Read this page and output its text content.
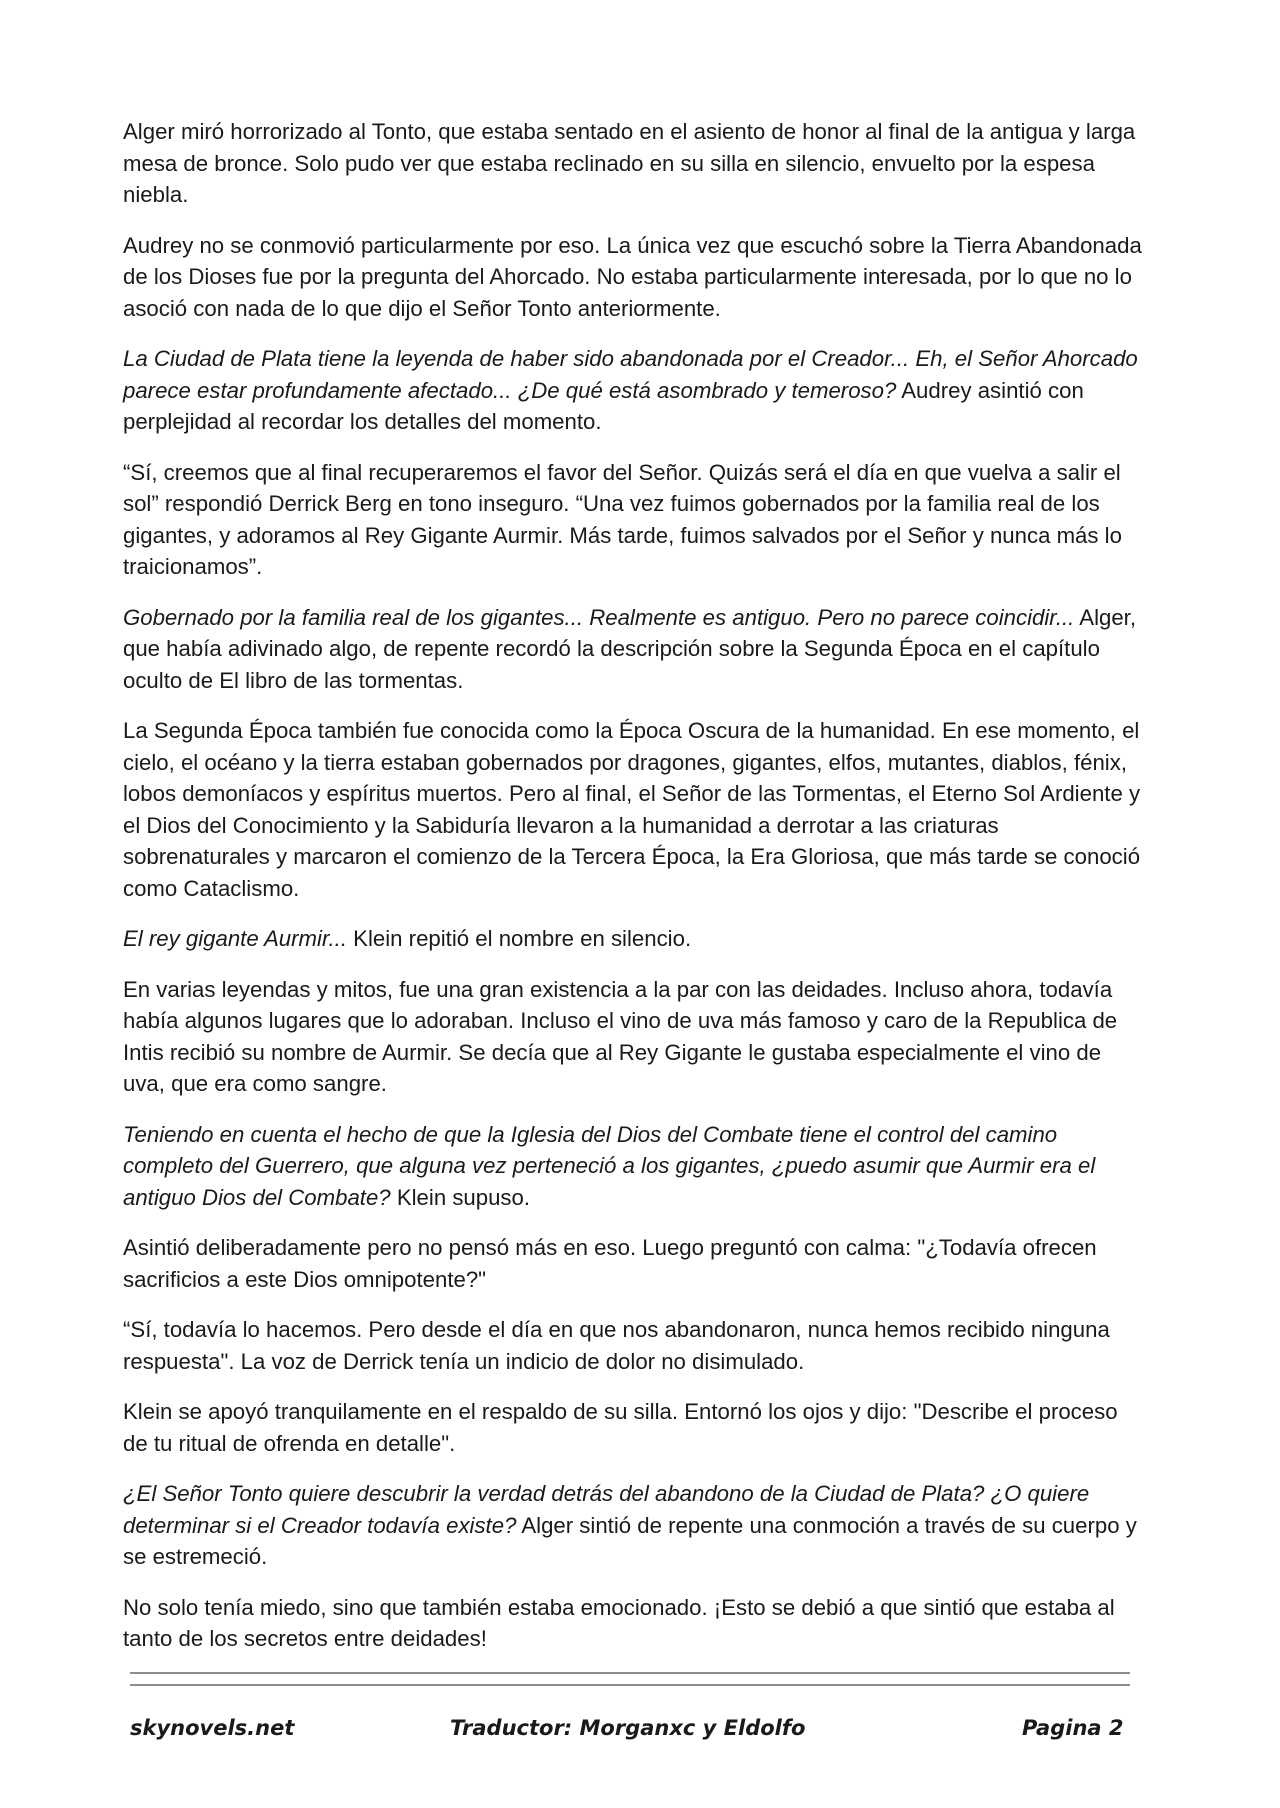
Alger miró horrorizado al Tonto, que estaba sentado en el asiento de honor al final de la antigua y larga mesa de bronce. Solo pudo ver que estaba reclinado en su silla en silencio, envuelto por la espesa niebla.

Audrey no se conmovió particularmente por eso. La única vez que escuchó sobre la Tierra Abandonada de los Dioses fue por la pregunta del Ahorcado. No estaba particularmente interesada, por lo que no lo asoció con nada de lo que dijo el Señor Tonto anteriormente.

La Ciudad de Plata tiene la leyenda de haber sido abandonada por el Creador... Eh, el Señor Ahorcado parece estar profundamente afectado... ¿De qué está asombrado y temeroso? Audrey asintió con perplejidad al recordar los detalles del momento.

“Sí, creemos que al final recuperaremos el favor del Señor. Quizás será el día en que vuelva a salir el sol” respondió Derrick Berg en tono inseguro. “Una vez fuimos gobernados por la familia real de los gigantes, y adoramos al Rey Gigante Aurmir. Más tarde, fuimos salvados por el Señor y nunca más lo traicionamos”.

Gobernado por la familia real de los gigantes... Realmente es antiguo. Pero no parece coincidir... Alger, que había adivinado algo, de repente recordó la descripción sobre la Segunda Época en el capítulo oculto de El libro de las tormentas.

La Segunda Época también fue conocida como la Época Oscura de la humanidad. En ese momento, el cielo, el océano y la tierra estaban gobernados por dragones, gigantes, elfos, mutantes, diablos, fénix, lobos demoníacos y espíritus muertos. Pero al final, el Señor de las Tormentas, el Eterno Sol Ardiente y el Dios del Conocimiento y la Sabiduría llevaron a la humanidad a derrotar a las criaturas sobrenaturales y marcaron el comienzo de la Tercera Época, la Era Gloriosa, que más tarde se conoció como Cataclismo.

El rey gigante Aurmir... Klein repitió el nombre en silencio.

En varias leyendas y mitos, fue una gran existencia a la par con las deidades. Incluso ahora, todavía había algunos lugares que lo adoraban. Incluso el vino de uva más famoso y caro de la Republica de Intis recibió su nombre de Aurmir. Se decía que al Rey Gigante le gustaba especialmente el vino de uva, que era como sangre.

Teniendo en cuenta el hecho de que la Iglesia del Dios del Combate tiene el control del camino completo del Guerrero, que alguna vez perteneció a los gigantes, ¿puedo asumir que Aurmir era el antiguo Dios del Combate? Klein supuso.

Asintió deliberadamente pero no pensó más en eso. Luego preguntó con calma: "¿Todavía ofrecen sacrificios a este Dios omnipotente?"

“Sí, todavía lo hacemos. Pero desde el día en que nos abandonaron, nunca hemos recibido ninguna respuesta". La voz de Derrick tenía un indicio de dolor no disimulado.

Klein se apoyó tranquilamente en el respaldo de su silla. Entornó los ojos y dijo: "Describe el proceso de tu ritual de ofrenda en detalle".

¿El Señor Tonto quiere descubrir la verdad detrás del abandono de la Ciudad de Plata? ¿O quiere determinar si el Creador todavía existe? Alger sintió de repente una conmoción a través de su cuerpo y se estremeció.

No solo tenía miedo, sino que también estaba emocionado. ¡Esto se debió a que sintió que estaba al tanto de los secretos entre deidades!

skynovels.net	Traductor: Morganxc y Eldolfo	Pagina 2
